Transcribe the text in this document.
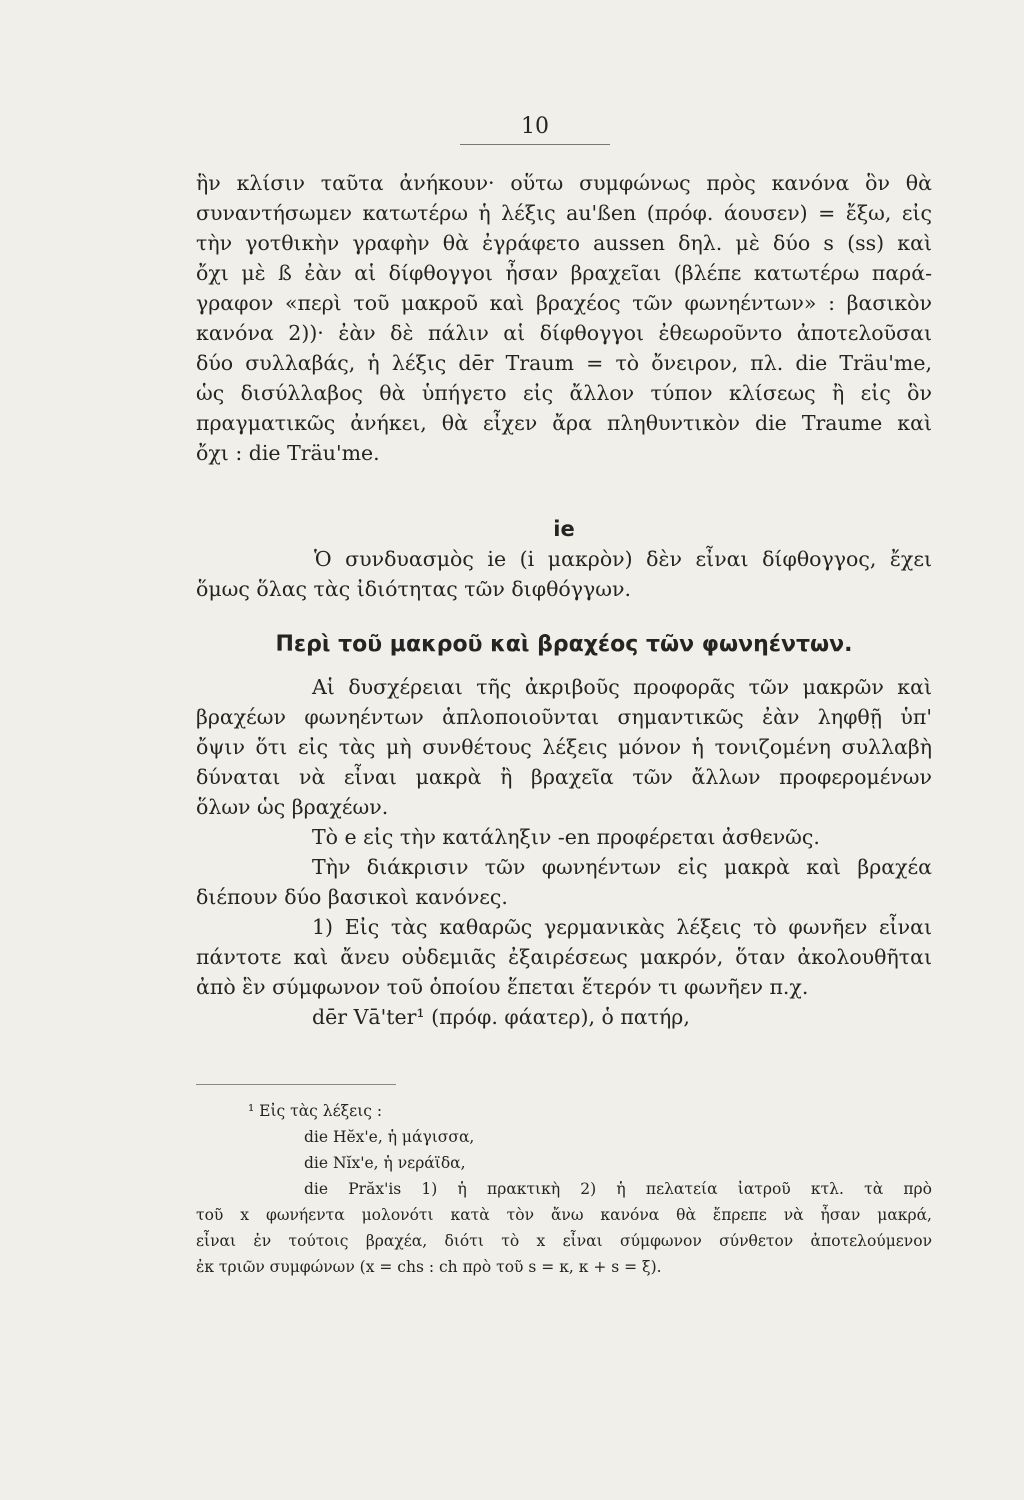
10
ἣν κλίσιν ταῦτα ἀνήκουν· οὕτω συμφώνως πρὸς κανόνα ὃν θὰ
συναντήσωμεν κατωτέρω ἡ λέξις au'ßen (πρόφ. άουσεν) = ἔξω, εἰς
τὴν γοτθικὴν γραφὴν θὰ ἐγράφετο aussen δηλ. μὲ δύο s (ss) καὶ
ὄχι μὲ ß ἐὰν αἱ δίφθογγοι ἦσαν βραχεῖαι (βλέπε κατωτέρω παρά-
γραφον «περὶ τοῦ μακροῦ καὶ βραχέος τῶν φωνηέντων» : βασικὸν
κανόνα 2))· ἐὰν δὲ πάλιν αἱ δίφθογγοι ἐθεωροῦντο ἀποτελοῦσαι
δύο συλλαβάς, ἡ λέξις dēr Traum = τὸ ὄνειρον, πλ. die Träu'me,
ὡς δισύλλαβος θὰ ὑπήγετο εἰς ἄλλον τύπον κλίσεως ἢ εἰς ὃν
πραγματικῶς ἀνήκει, θὰ εἶχεν ἄρα πληθυντικὸν die Traume καὶ
ὄχι : die Träu'me.
ie
Ὁ συνδυασμὸς ie (i μακρὸν) δὲν εἶναι δίφθογγος, ἔχει
ὅμως ὅλας τὰς ἰδιότητας τῶν διφθόγγων.
Περὶ τοῦ μακροῦ καὶ βραχέος τῶν φωνηέντων.
Αἱ δυσχέρειαι τῆς ἀκριβοῦς προφορᾶς τῶν μακρῶν καὶ
βραχέων φωνηέντων ἁπλοποιοῦνται σημαντικῶς ἐὰν ληφθῇ ὑπ'
ὄψιν ὅτι εἰς τὰς μὴ συνθέτους λέξεις μόνον ἡ τονιζομένη συλλαβὴ
δύναται νὰ εἶναι μακρὰ ἢ βραχεῖα τῶν ἄλλων προφερομένων
ὅλων ὡς βραχέων.
Τὸ e εἰς τὴν κατάληξιν -en προφέρεται ἀσθενῶς.
Τὴν διάκρισιν τῶν φωνηέντων εἰς μακρὰ καὶ βραχέα
διέπουν δύο βασικοὶ κανόνες.
1) Εἰς τὰς καθαρῶς γερμανικὰς λέξεις τὸ φωνῆεν εἶναι
πάντοτε καὶ ἄνευ οὐδεμιᾶς ἐξαιρέσεως μακρόν, ὅταν ἀκολουθῆται
ἀπὸ ἓν σύμφωνον τοῦ ὁποίου ἕπεται ἕτερόν τι φωνῆεν π.χ.
dēr Vā'ter¹ (πρόφ. φάατερ), ὁ πατήρ,
¹ Εἰς τὰς λέξεις :
die Hĕx'e, ἡ μάγισσα,
die Nĭx'e, ἡ νεράϊδα,
die Prăx'is 1) ἡ πρακτικὴ 2) ἡ πελατεία ἰατροῦ κτλ. τὰ πρὸ
τοῦ x φωνήεντα μολονότι κατὰ τὸν ἄνω κανόνα θὰ ἔπρεπε νὰ ἦσαν μακρά,
εἶναι ἐν τούτοις βραχέα, διότι τὸ x εἶναι σύμφωνον σύνθετον ἀποτελούμενον
ἐκ τριῶν συμφώνων (x = chs : ch πρὸ τοῦ s = κ, κ + s = ξ).
